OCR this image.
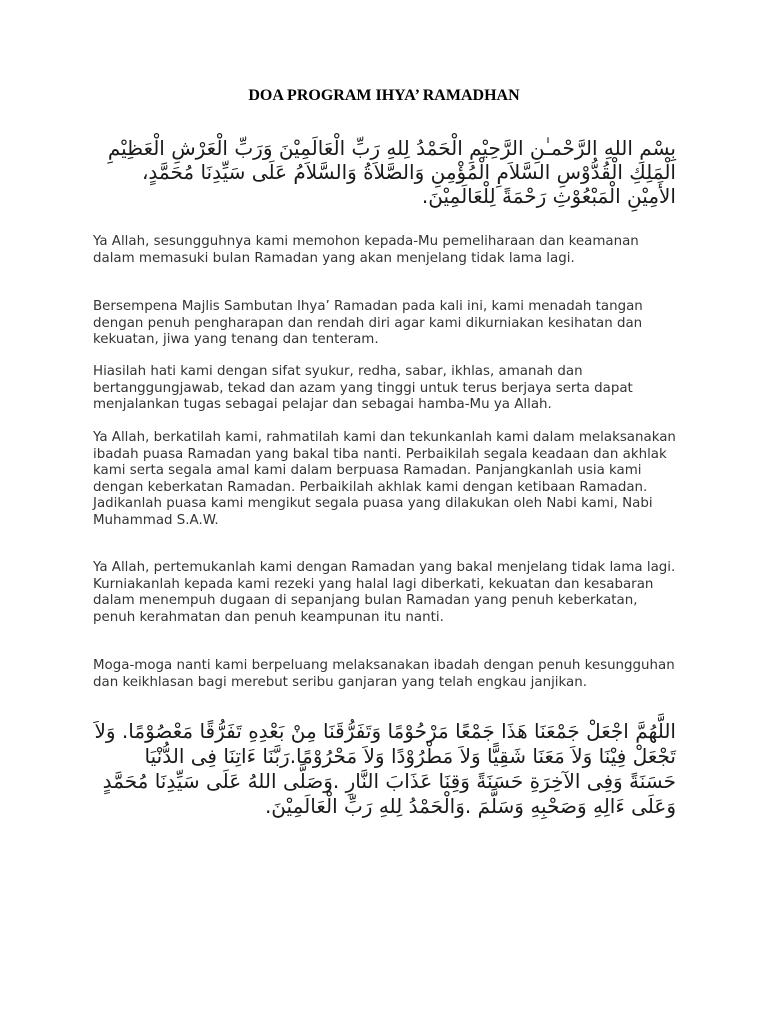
DOA PROGRAM IHYA’ RAMADHAN

بِسْمِ اللهِ الرَّحْمـٰنِ الرَّحِيْمِ الْحَمْدُ لِلهِ رَبِّ الْعَالَمِيْنَ وَرَبِّ الْعَرْشِ الْعَظِيْمِ الْمَلِكِ الْقُدُّوْسِ السَّلاَمِ الْمُؤْمِنِ وَالصَّلاَةُ وَالسَّلاَمُ عَلَى سَيِّدِنَا مُحَمَّدٍ، الأَمِيْنِ الْمَبْعُوْثِ رَحْمَةً لِلْعَالَمِيْنَ.

Ya Allah, sesungguhnya kami memohon kepada-Mu pemeliharaan dan keamanan dalam memasuki bulan Ramadan yang akan menjelang tidak lama lagi.

Bersempena Majlis Sambutan Ihya’ Ramadan pada kali ini, kami menadah tangan dengan penuh pengharapan dan rendah diri agar kami dikurniakan kesihatan dan kekuatan, jiwa yang tenang dan tenteram.

Hiasilah hati kami dengan sifat syukur, redha, sabar, ikhlas, amanah dan bertanggungjawab, tekad dan azam yang tinggi untuk terus berjaya serta dapat menjalankan tugas sebagai pelajar dan sebagai hamba-Mu ya Allah.

Ya Allah, berkatilah kami, rahmatilah kami dan tekunkanlah kami dalam melaksanakan ibadah puasa Ramadan yang bakal tiba nanti. Perbaikilah segala keadaan dan akhlak kami serta segala amal kami dalam berpuasa Ramadan. Panjangkanlah usia kami dengan keberkatan Ramadan. Perbaikilah akhlak kami dengan ketibaan Ramadan. Jadikanlah puasa kami mengikut segala puasa yang dilakukan oleh Nabi kami, Nabi Muhammad S.A.W.

Ya Allah, pertemukanlah kami dengan Ramadan yang bakal menjelang tidak lama lagi. Kurniakanlah kepada kami rezeki yang halal lagi diberkati, kekuatan dan kesabaran dalam menempuh dugaan di sepanjang bulan Ramadan yang penuh keberkatan, penuh kerahmatan dan penuh keampunan itu nanti.

Moga-moga nanti kami berpeluang melaksanakan ibadah dengan penuh kesungguhan dan keikhlasan bagi merebut seribu ganjaran yang telah engkau janjikan.

اللَّهُمَّ اجْعَلْ جَمْعَنَا هَذَا جَمْعًا مَرْحُوْمًا وَتَفَرُّقَنَا مِنْ بَعْدِهِ تَفَرُّقًا مَعْصُوْمًا. وَلاَ تَجْعَلْ فِيْنَا وَلاَ مَعَنَا شَقِيًّا وَلاَ مَطْرُوْدًا وَلاَ مَحْرُوْمًا.رَبَّنَا ءَاتِنَا فِى الدُّنْيَا حَسَنَةً وَفِى الآخِرَةِ حَسَنَةً وَقِنَا عَذَابَ النَّارِ .وَصَلَّى اللهُ عَلَى سَيِّدِنَا مُحَمَّدٍ وَعَلَى ءَالِهِ وَصَحْبِهِ وَسَلَّمَ .وَالْحَمْدُ لِلهِ رَبِّ الْعَالَمِيْنَ.
